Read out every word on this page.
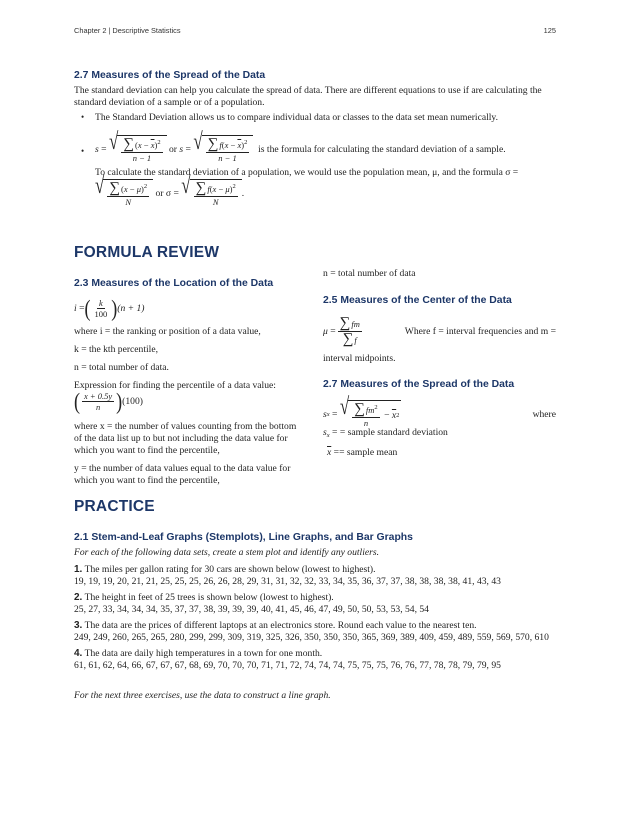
Chapter 2 | Descriptive Statistics	125
2.7 Measures of the Spread of the Data
The standard deviation can help you calculate the spread of data. There are different equations to use if are calculating the
standard deviation of a sample or of a population.
• The Standard Deviation allows us to compare individual data or classes to the data set mean numerically.
• s
=
√ $\frac{\sum(x - \overline{x})^2}{n - 1}$
or
s
=
√ $\frac{\sum f(x - \overline{x})^2}{n - 1}$
is the formula for calculating the standard deviation of a sample.
To calculate the standard deviation of a population, we would use the population mean, μ, and the formula σ =
√ $\frac{\sum(x - \mu)^2}{N}$
or σ =
√ $\frac{\sum f(x - \mu)^2}{N}$ .
FORMULA REVIEW
2.3 Measures of the Location of the Data
i
= ( $\frac{k}{100}$ ) (n + 1)
where i = the ranking or position of a data value,
k = the kth percentile,
n = total number of data.
Expression for finding the percentile of a data value:
( $\frac{x + 0.5y}{n}$ ) (100)
where x = the number of values counting from the bottom
of the data list up to but not including the data value for
which you want to find the percentile,
y = the number of data values equal to the data value for
which you want to find the percentile,
n = total number of data
2.5 Measures of the Center of the Data
μ
= $\frac{\sum fm}{\sum f}$	Where f = interval frequencies and m =
interval midpoints.
2.7 Measures of the Spread of the Data
s x
=
√ $\frac{\sum fm^2}{n}$
−
$\overline{x}$ 2	where
$s_x$ = = sample standard deviation
$\overline{x}$ == sample mean
PRACTICE
2.1 Stem-and-Leaf Graphs (Stemplots), Line Graphs, and Bar Graphs
For each of the following data sets, create a stem plot and identify any outliers.
1. The miles per gallon rating for 30 cars are shown below (lowest to highest).
19, 19, 19, 20, 21, 21, 25, 25, 25, 26, 26, 28, 29, 31, 31, 32, 32, 33, 34, 35, 36, 37, 37, 38, 38, 38, 38, 41, 43, 43
2. The height in feet of 25 trees is shown below (lowest to highest).
25, 27, 33, 34, 34, 34, 35, 37, 37, 38, 39, 39, 39, 40, 41, 45, 46, 47, 49, 50, 50, 53, 53, 54, 54
3. The data are the prices of different laptops at an electronics store. Round each value to the nearest ten.
249, 249, 260, 265, 265, 280, 299, 299, 309, 319, 325, 326, 350, 350, 350, 365, 369, 389, 409, 459, 489, 559, 569, 570, 610
4. The data are daily high temperatures in a town for one month.
61, 61, 62, 64, 66, 67, 67, 67, 68, 69, 70, 70, 70, 71, 71, 72, 74, 74, 74, 75, 75, 75, 76, 76, 77, 78, 78, 79, 79, 95
For the next three exercises, use the data to construct a line graph.
